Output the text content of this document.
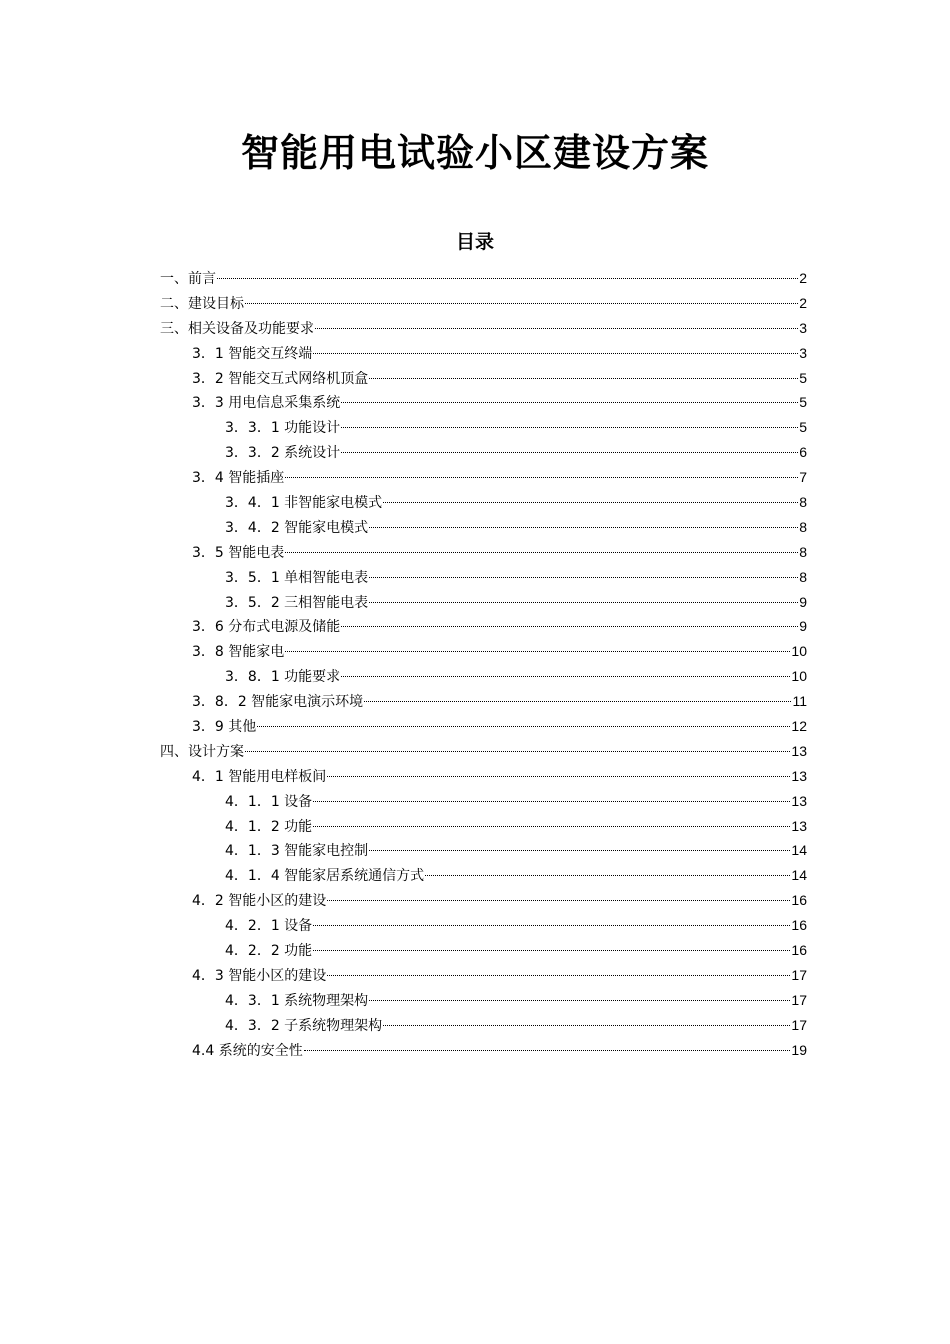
智能用电试验小区建设方案
目录
一、前言	2
二、建设目标	2
三、相关设备及功能要求	3
3．1 智能交互终端	3
3．2 智能交互式网络机顶盒	5
3．3 用电信息采集系统	5
3．3．1 功能设计	5
3．3．2 系统设计	6
3．4 智能插座	7
3．4．1 非智能家电模式	8
3．4．2 智能家电模式	8
3．5 智能电表	8
3．5．1 单相智能电表	8
3．5．2 三相智能电表	9
3．6 分布式电源及储能	9
3．8 智能家电	10
3．8．1 功能要求	10
3．8．2 智能家电演示环境	11
3．9 其他	12
四、设计方案	13
4．1 智能用电样板间	13
4．1．1 设备	13
4．1．2 功能	13
4．1．3 智能家电控制	14
4．1．4 智能家居系统通信方式	14
4．2 智能小区的建设	16
4．2．1 设备	16
4．2．2 功能	16
4．3 智能小区的建设	17
4．3．1 系统物理架构	17
4．3．2 子系统物理架构	17
4.4 系统的安全性	19
